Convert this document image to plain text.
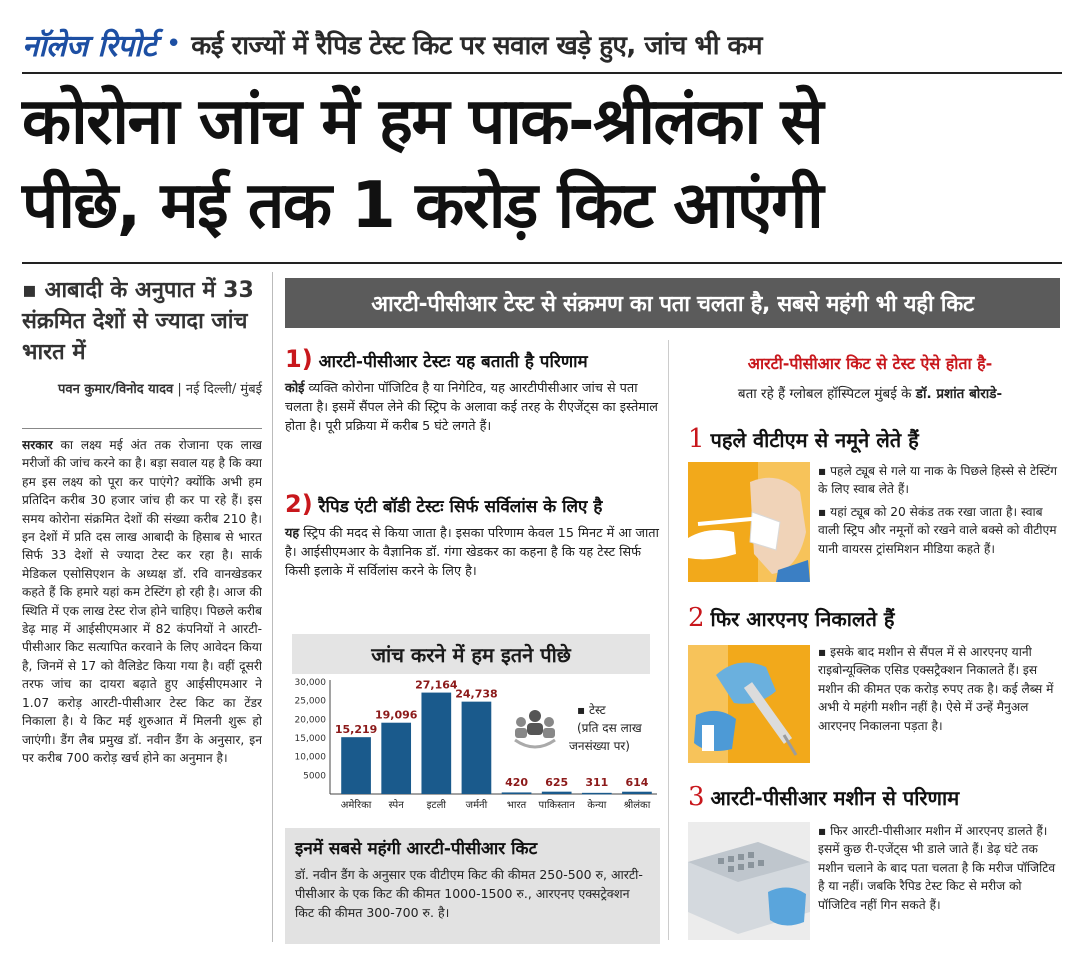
नॉलेज रिपोर्ट • कई राज्यों में रैपिड टेस्ट किट पर सवाल खड़े हुए, जांच भी कम
कोरोना जांच में हम पाक-श्रीलंका से
पीछे, मई तक 1 करोड़ किट आएंगी
▪ आबादी के अनुपात में 33 संक्रमित देशों से ज्यादा जांच भारत में
पवन कुमार/विनोद यादव | नई दिल्ली/ मुंबई
सरकार का लक्ष्य मई अंत तक रोजाना एक लाख मरीजों की जांच करने का है। बड़ा सवाल यह है कि क्या हम इस लक्ष्य को पूरा कर पाएंगे? क्योंकि अभी हम प्रतिदिन करीब 30 हजार जांच ही कर पा रहे हैं। इस समय कोरोना संक्रमित देशों की संख्या करीब 210 है। इन देशों में प्रति दस लाख आबादी के हिसाब से भारत सिर्फ 33 देशों से ज्यादा टेस्ट कर रहा है। सार्क मेडिकल एसोसिएशन के अध्यक्ष डॉ. रवि वानखेडकर कहते हैं कि हमारे यहां कम टेस्टिंग हो रही है। आज की स्थिति में एक लाख टेस्ट रोज होने चाहिए। पिछले करीब डेढ़ माह में आईसीएमआर में 82 कंपनियों ने आरटी-पीसीआर किट सत्यापित करवाने के लिए आवेदन किया है, जिनमें से 17 को वैलिडेट किया गया है। वहीं दूसरी तरफ जांच का दायरा बढ़ाते हुए आईसीएमआर ने 1.07 करोड़ आरटी-पीसीआर टेस्ट किट का टेंडर निकाला है। ये किट मई शुरुआत में मिलनी शुरू हो जाएंगी। डैंग लैब प्रमुख डॉ. नवीन डैंग के अनुसार, इन पर करीब 700 करोड़ खर्च होने का अनुमान है।
आरटी-पीसीआर टेस्ट से संक्रमण का पता चलता है, सबसे महंगी भी यही किट
1) आरटी-पीसीआर टेस्टः यह बताती है परिणाम
कोई व्यक्ति कोरोना पॉजिटिव है या निगेटिव, यह आरटीपीसीआर जांच से पता चलता है। इसमें सैंपल लेने की स्ट्रिप के अलावा कई तरह के रीएजेंट्स का इस्तेमाल होता है। पूरी प्रक्रिया में करीब 5 घंटे लगते हैं।
2) रैपिड एंटी बॉडी टेस्टः सिर्फ सर्विलांस के लिए है
यह स्ट्रिप की मदद से किया जाता है। इसका परिणाम केवल 15 मिनट में आ जाता है। आईसीएमआर के वैज्ञानिक डॉ. गंगा खेडकर का कहना है कि यह टेस्ट सिर्फ किसी इलाके में सर्विलांस करने के लिए है।
जांच करने में हम इतने पीछे
30,000
25,000
20,000
15,000
10,000
5000
15,219
अमेरिका
19,096
स्पेन
27,164
इटली
24,738
जर्मनी
420
भारत
625
पाकिस्तान
311
केन्या
614
श्रीलंका
▪ टेस्ट
(प्रति दस लाख
जनसंख्या पर)
इनमें सबसे महंगी आरटी-पीसीआर किट
डॉ. नवीन डैंग के अनुसार एक वीटीएम किट की कीमत 250-500 रु, आरटी-पीसीआर के एक किट की कीमत 1000-1500 रु., आरएनए एक्सट्रेक्शन किट की कीमत 300-700 रु. है।
आरटी-पीसीआर किट से टेस्ट ऐसे होता है-
बता रहे हैं ग्लोबल हॉस्पिटल मुंबई के डॉ. प्रशांत बोराडे-
1 पहले वीटीएम से नमूने लेते हैं

▪ पहले ट्यूब से गले या नाक के पिछले हिस्से से टेस्टिंग के लिए स्वाब लेते हैं।

▪ यहां ट्यूब को 20 सेकंड तक रखा जाता है। स्वाब वाली स्ट्रिप और नमूनों को रखने वाले बक्से को वीटीएम यानी वायरस ट्रांसमिशन मीडिया कहते हैं।

2 फिर आरएनए निकालते हैं

▪ इसके बाद मशीन से सैंपल में से आरएनए यानी राइबोन्यूक्लिक एसिड एक्सट्रैक्शन निकालते हैं। इस मशीन की कीमत एक करोड़ रुपए तक है। कई लैब्स में अभी ये महंगी मशीन नहीं है। ऐसे में उन्हें मैनुअल आरएनए निकालना पड़ता है।

3 आरटी-पीसीआर मशीन से परिणाम

▪ फिर आरटी-पीसीआर मशीन में आरएनए डालते हैं। इसमें कुछ री-एजेंट्स भी डाले जाते हैं। डेढ़ घंटे तक मशीन चलाने के बाद पता चलता है कि मरीज पॉजिटिव है या नहीं। जबकि रैपिड टेस्ट किट से मरीज को पॉजिटिव नहीं गिन सकते हैं।
